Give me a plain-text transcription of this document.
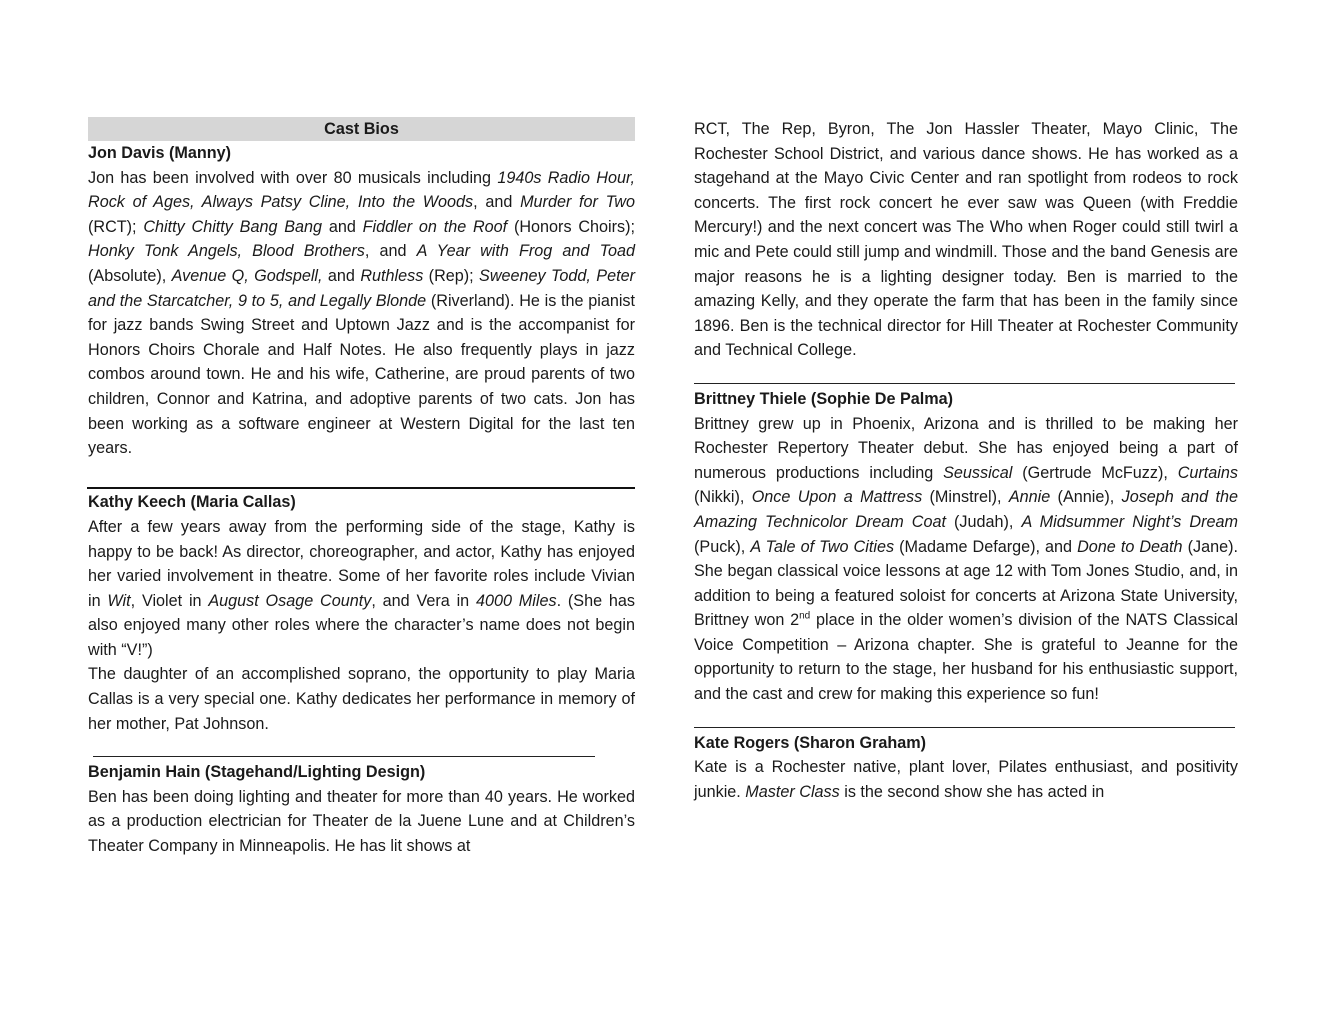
Cast Bios
Jon Davis (Manny)

Jon has been involved with over 80 musicals including 1940s Radio Hour, Rock of Ages, Always Patsy Cline, Into the Woods, and Murder for Two (RCT); Chitty Chitty Bang Bang and Fiddler on the Roof (Honors Choirs); Honky Tonk Angels, Blood Brothers, and A Year with Frog and Toad (Absolute), Avenue Q, Godspell, and Ruthless (Rep); Sweeney Todd, Peter and the Starcatcher, 9 to 5, and Legally Blonde (Riverland). He is the pianist for jazz bands Swing Street and Uptown Jazz and is the accompanist for Honors Choirs Chorale and Half Notes. He also frequently plays in jazz combos around town. He and his wife, Catherine, are proud parents of two children, Connor and Katrina, and adoptive parents of two cats. Jon has been working as a software engineer at Western Digital for the last ten years.

Kathy Keech (Maria Callas)

After a few years away from the performing side of the stage, Kathy is happy to be back! As director, choreographer, and actor, Kathy has enjoyed her varied involvement in theatre. Some of her favorite roles include Vivian in Wit, Violet in August Osage County, and Vera in 4000 Miles. (She has also enjoyed many other roles where the character’s name does not begin with “V!”)

The daughter of an accomplished soprano, the opportunity to play Maria Callas is a very special one. Kathy dedicates her performance in memory of her mother, Pat Johnson.

Benjamin Hain (Stagehand/Lighting Design)

Ben has been doing lighting and theater for more than 40 years. He worked as a production electrician for Theater de la Juene Lune and at Children’s Theater Company in Minneapolis. He has lit shows at

RCT, The Rep, Byron, The Jon Hassler Theater, Mayo Clinic, The Rochester School District, and various dance shows. He has worked as a stagehand at the Mayo Civic Center and ran spotlight from rodeos to rock concerts. The first rock concert he ever saw was Queen (with Freddie Mercury!) and the next concert was The Who when Roger could still twirl a mic and Pete could still jump and windmill. Those and the band Genesis are major reasons he is a lighting designer today. Ben is married to the amazing Kelly, and they operate the farm that has been in the family since 1896. Ben is the technical director for Hill Theater at Rochester Community and Technical College.

Brittney Thiele (Sophie De Palma)

Brittney grew up in Phoenix, Arizona and is thrilled to be making her Rochester Repertory Theater debut. She has enjoyed being a part of numerous productions including Seussical (Gertrude McFuzz), Curtains (Nikki), Once Upon a Mattress (Minstrel), Annie (Annie), Joseph and the Amazing Technicolor Dream Coat (Judah), A Midsummer Night’s Dream (Puck), A Tale of Two Cities (Madame Defarge), and Done to Death (Jane). She began classical voice lessons at age 12 with Tom Jones Studio, and, in addition to being a featured soloist for concerts at Arizona State University, Brittney won 2nd place in the older women’s division of the NATS Classical Voice Competition – Arizona chapter. She is grateful to Jeanne for the opportunity to return to the stage, her husband for his enthusiastic support, and the cast and crew for making this experience so fun!

Kate Rogers (Sharon Graham)

Kate is a Rochester native, plant lover, Pilates enthusiast, and positivity junkie. Master Class is the second show she has acted in
